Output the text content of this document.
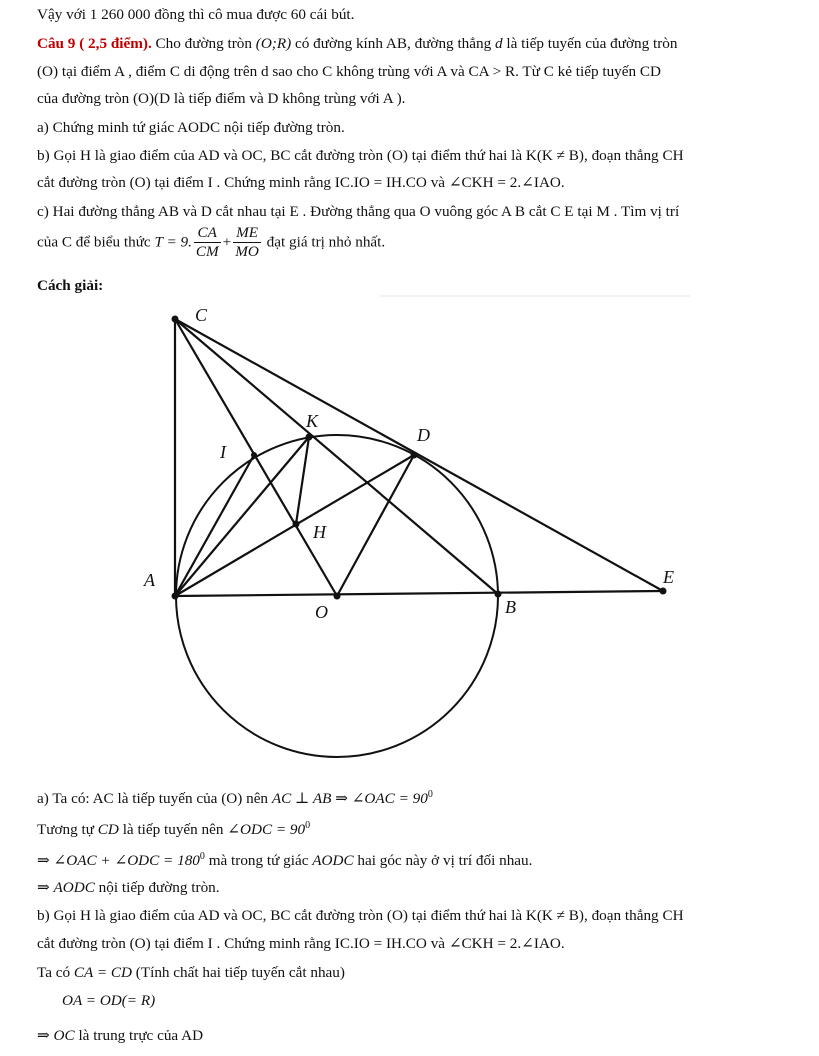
Vậy với 1 260 000 đồng thì cô mua được 60 cái bút.
Câu 9 ( 2,5 điểm). Cho đường tròn (O;R) có đường kính AB, đường thẳng d là tiếp tuyến của đường tròn
(O) tại điểm A , điểm C di động trên d sao cho C không trùng với A và CA > R. Từ C kẻ tiếp tuyến CD
của đường tròn (O)(D là tiếp điểm và D không trùng với A ).
a) Chứng minh tứ giác AODC nội tiếp đường tròn.
b) Gọi H là giao điểm của AD và OC, BC cắt đường tròn (O) tại điểm thứ hai là K(K ≠ B), đoạn thẳng CH
cắt đường tròn (O) tại điểm I . Chứng minh rằng IC.IO = IH.CO và ∠CKH = 2.∠IAO.
c) Hai đường thẳng AB và D cắt nhau tại E . Đường thẳng qua O vuông góc A B cắt C E tại M . Tìm vị trí
của C để biểu thức T = 9. $\frac{CA}{CM} + \frac{ME}{MO}$ đạt giá trị nhỏ nhất.
Cách giải:
C
K
D
I
H
A
O	B
E
a) Ta có: AC là tiếp tuyến của (O) nên AC ⊥ AB ⇒ ∠OAC = $90^0$
Tương tự CD là tiếp tuyến nên ∠ODC = $90^0$
⇒ ∠OAC + ∠ODC = $180^0$ mà trong tứ giác AODC hai góc này ở vị trí đối nhau.
⇒ AODC nội tiếp đường tròn.
b) Gọi H là giao điểm của AD và OC, BC cắt đường tròn (O) tại điểm thứ hai là K(K ≠ B), đoạn thẳng CH
cắt đường tròn (O) tại điểm I . Chứng minh rằng IC.IO = IH.CO và ∠CKH = 2.∠IAO.
Ta có CA = CD (Tính chất hai tiếp tuyến cắt nhau)
OA = OD(= R)
⇒ OC là trung trực của AD
